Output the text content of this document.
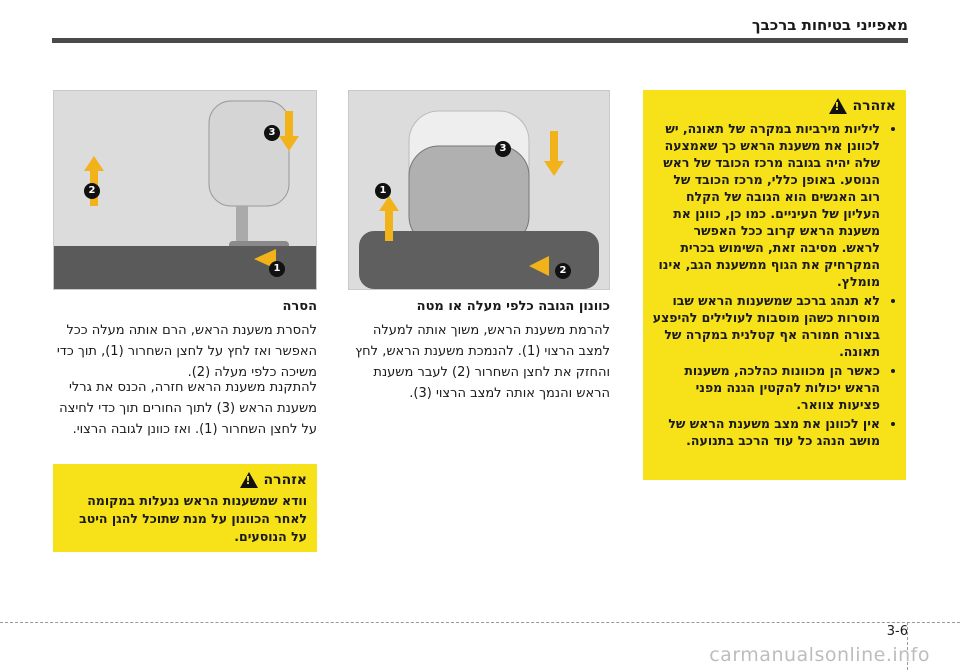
מאפייני בטיחות ברכבך
אזהרה
!
• ליליות מירביות במקרה של תאונה, יש לכוונן את משענת הראש כך שאמצעה שלה יהיה בגובה מרכז הכובד של ראש הנוסע. באופן כללי, מרכז הכובד של רוב האנשים הוא הגובה של הקלח העליון של העיניים. כמו כן, כוונן את משענת הראש קרוב ככל האפשר לראש. מסיבה זאת, השימוש בכרית המקרחיק את הגוף ממשענת הגב, אינו מומלץ.
• לא תנהג ברכב שמשענות הראש שבו מוסרות כשהן מוסבות לעולילים להיפצע בצורה חמורה אף קטלנית במקרה של תאונה.
• כאשר הן מכוונות כהלכה, משענות הראש יכולות להקטין הגנה מפני פציעות צוואר.
• אין לכוונן את מצב משענת הראש של מושב הנהג כל עוד הרכב בתנועה.
1
2
3
כוונון הגובה כלפי מעלה או מטה
להרמת משענת הראש, משוך אותה למעלה למצב הרצוי (1). להנמכת משענת הראש, לחץ והחזק את לחצן השחרור (2) לעבר משענת הראש והנמך אותה למצב הרצוי (3).
1
2
3
הסרה
להסרת משענת הראש, הרם אותה מעלה ככל האפשר ואז לחץ על לחצן השחרור (1), תוך כדי משיכה כלפי מעלה (2).
להתקנת משענת הראש חזרה, הכנס את גרלי משענת הראש (3) לתוך החורים תוך כדי לחיצה על לחצן השחרור (1). ואז כוונן לגובה הרצוי.
אזהרה
!
וודא שמשענות הראש ננעלות במקומה לאחר הכוונון על מנת שתוכל להגן היטב על הנוסעים.
3-6
carmanualsonline.info
